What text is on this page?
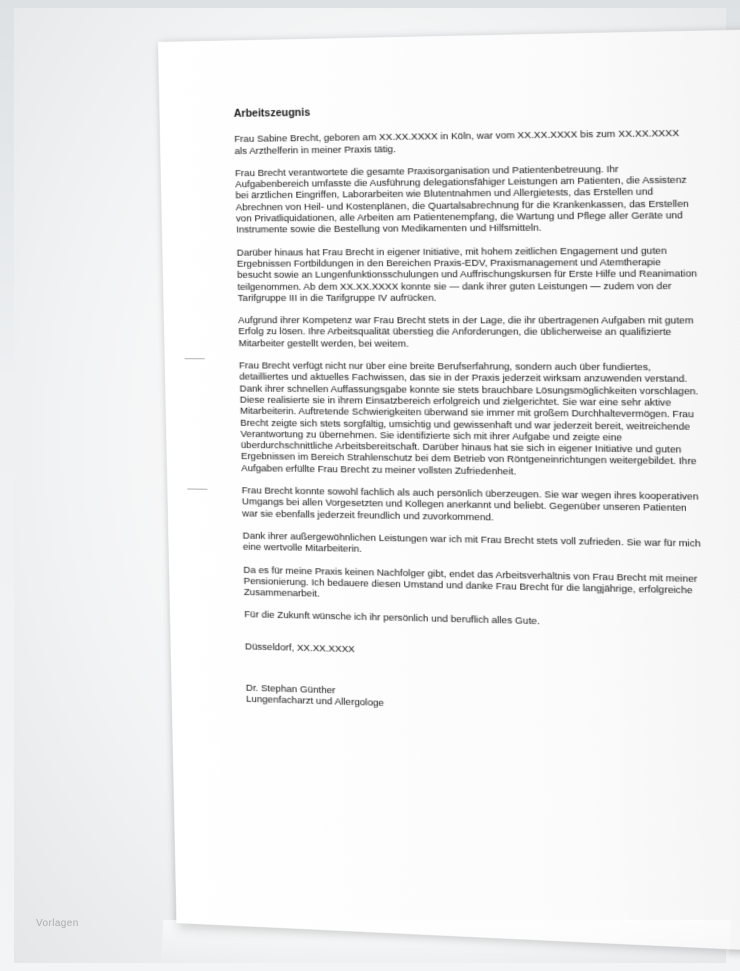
Arbeitszeugnis

Frau Sabine Brecht, geboren am XX.XX.XXXX in Köln, war vom XX.XX.XXXX bis zum XX.XX.XXXX als Arzthelferin in meiner Praxis tätig.

Frau Brecht verantwortete die gesamte Praxisorganisation und Patientenbetreuung. Ihr Aufgabenbereich umfasste die Ausführung delegationsfähiger Leistungen am Patienten, die Assistenz bei ärztlichen Eingriffen, Laborarbeiten wie Blutentnahmen und Allergietests, das Erstellen und Abrechnen von Heil- und Kostenplänen, die Quartalsabrechnung für die Krankenkassen, das Erstellen von Privatliquidationen, alle Arbeiten am Patientenempfang, die Wartung und Pflege aller Geräte und Instrumente sowie die Bestellung von Medikamenten und Hilfsmitteln.

Darüber hinaus hat Frau Brecht in eigener Initiative, mit hohem zeitlichen Engagement und guten Ergebnissen Fortbildungen in den Bereichen Praxis-EDV, Praxismanagement und Atemtherapie besucht sowie an Lungenfunktionsschulungen und Auffrischungskursen für Erste Hilfe und Reanimation teilgenommen. Ab dem XX.XX.XXXX konnte sie — dank ihrer guten Leistungen — zudem von der Tarifgruppe III in die Tarifgruppe IV aufrücken.

Aufgrund ihrer Kompetenz war Frau Brecht stets in der Lage, die ihr übertragenen Aufgaben mit gutem Erfolg zu lösen. Ihre Arbeitsqualität überstieg die Anforderungen, die üblicherweise an qualifizierte Mitarbeiter gestellt werden, bei weitem.

Frau Brecht verfügt nicht nur über eine breite Berufserfahrung, sondern auch über fundiertes, detailliertes und aktuelles Fachwissen, das sie in der Praxis jederzeit wirksam anzuwenden verstand. Dank ihrer schnellen Auffassungsgabe konnte sie stets brauchbare Lösungsmöglichkeiten vorschlagen. Diese realisierte sie in ihrem Einsatzbereich erfolgreich und zielgerichtet. Sie war eine sehr aktive Mitarbeiterin. Auftretende Schwierigkeiten überwand sie immer mit großem Durchhaltevermögen. Frau Brecht zeigte sich stets sorgfältig, umsichtig und gewissenhaft und war jederzeit bereit, weitreichende Verantwortung zu übernehmen. Sie identifizierte sich mit ihrer Aufgabe und zeigte eine überdurchschnittliche Arbeitsbereitschaft. Darüber hinaus hat sie sich in eigener Initiative und guten Ergebnissen im Bereich Strahlenschutz bei dem Betrieb von Röntgeneinrichtungen weitergebildet. Ihre Aufgaben erfüllte Frau Brecht zu meiner vollsten Zufriedenheit.

Frau Brecht konnte sowohl fachlich als auch persönlich überzeugen. Sie war wegen ihres kooperativen Umgangs bei allen Vorgesetzten und Kollegen anerkannt und beliebt. Gegenüber unseren Patienten war sie ebenfalls jederzeit freundlich und zuvorkommend.

Dank ihrer außergewöhnlichen Leistungen war ich mit Frau Brecht stets voll zufrieden. Sie war für mich eine wertvolle Mitarbeiterin.

Da es für meine Praxis keinen Nachfolger gibt, endet das Arbeitsverhältnis von Frau Brecht mit meiner Pensionierung. Ich bedauere diesen Umstand und danke Frau Brecht für die langjährige, erfolgreiche Zusammenarbeit.

Für die Zukunft wünsche ich ihr persönlich und beruflich alles Gute.

Düsseldorf, XX.XX.XXXX

Dr. Stephan Günther

Lungenfacharzt und Allergologe

Vorlagen
